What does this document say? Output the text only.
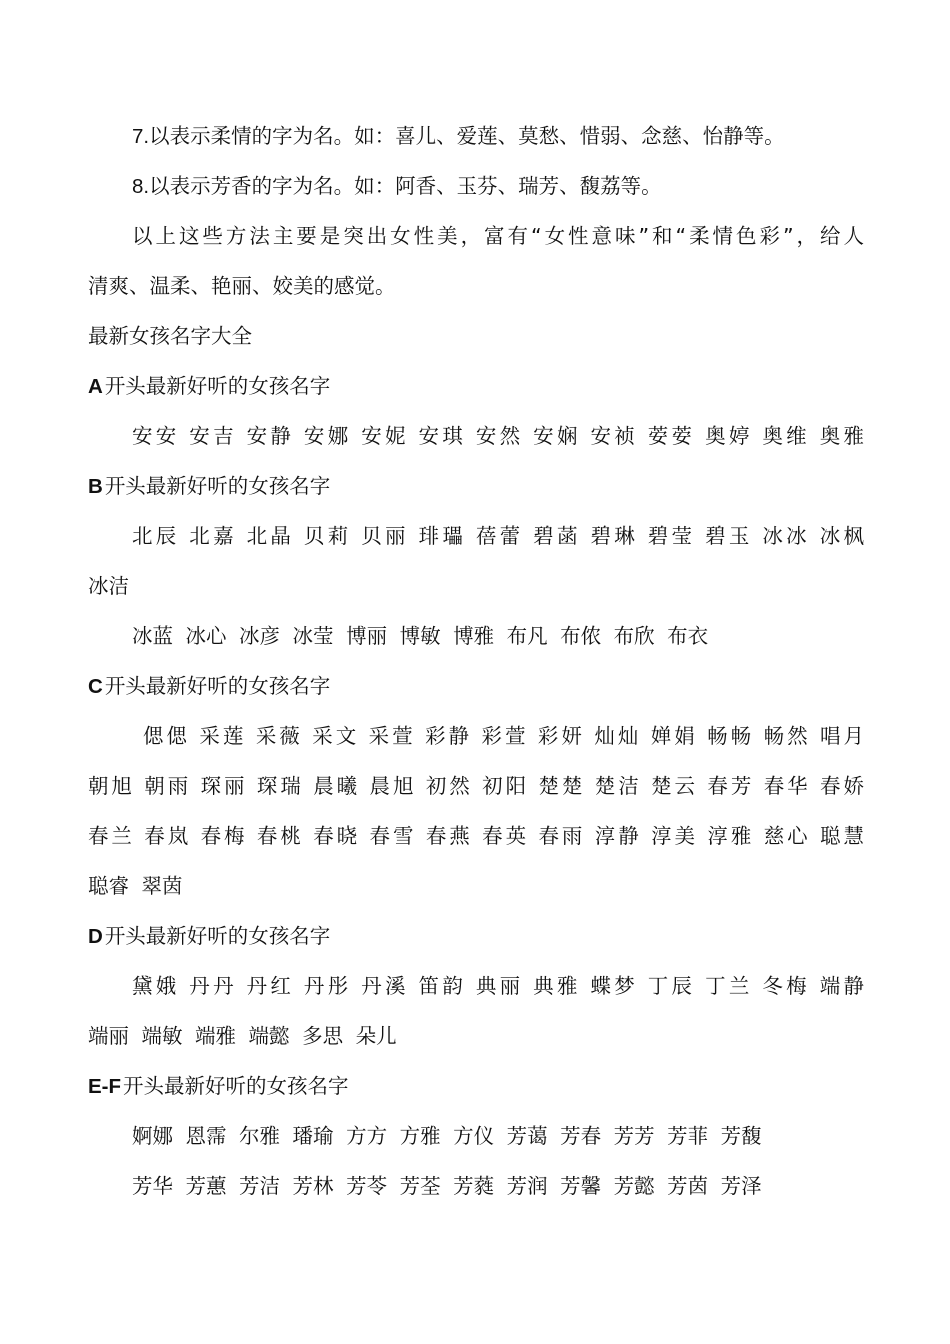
7.以表示柔情的字为名。如：喜儿、爱莲、莫愁、惜弱、念慈、怡静等。
8.以表示芳香的字为名。如：阿香、玉芬、瑞芳、馥荔等。
以上这些方法主要是突出女性美，富有“女性意味”和“柔情色彩”，给人
清爽、温柔、艳丽、姣美的感觉。
最新女孩名字大全
A开头最新好听的女孩名字
安安 安吉 安静 安娜 安妮 安琪 安然 安娴 安祯 荌荌 奥婷 奥维 奥雅
B开头最新好听的女孩名字
北辰 北嘉 北晶 贝莉 贝丽 琲瓃 蓓蕾 碧菡 碧琳 碧莹 碧玉 冰冰 冰枫
冰洁
冰蓝 冰心 冰彦 冰莹 博丽 博敏 博雅 布凡 布侬 布欣 布衣
C开头最新好听的女孩名字
偲偲 采莲 采薇 采文 采萱 彩静 彩萱 彩妍 灿灿 婵娟 畅畅 畅然 唱月
朝旭 朝雨 琛丽 琛瑞 晨曦 晨旭 初然 初阳 楚楚 楚洁 楚云 春芳 春华 春娇
春兰 春岚 春梅 春桃 春晓 春雪 春燕 春英 春雨 淳静 淳美 淳雅 慈心 聪慧
聪睿 翠茵
D开头最新好听的女孩名字
黛娥 丹丹 丹红 丹彤 丹溪 笛韵 典丽 典雅 蝶梦 丁辰 丁兰 冬梅 端静
端丽 端敏 端雅 端懿 多思 朵儿
E-F开头最新好听的女孩名字
婀娜 恩霈 尔雅 璠瑜 方方 方雅 方仪 芳蔼 芳春 芳芳 芳菲 芳馥
芳华 芳蕙 芳洁 芳林 芳苓 芳荃 芳蕤 芳润 芳馨 芳懿 芳茵 芳泽
